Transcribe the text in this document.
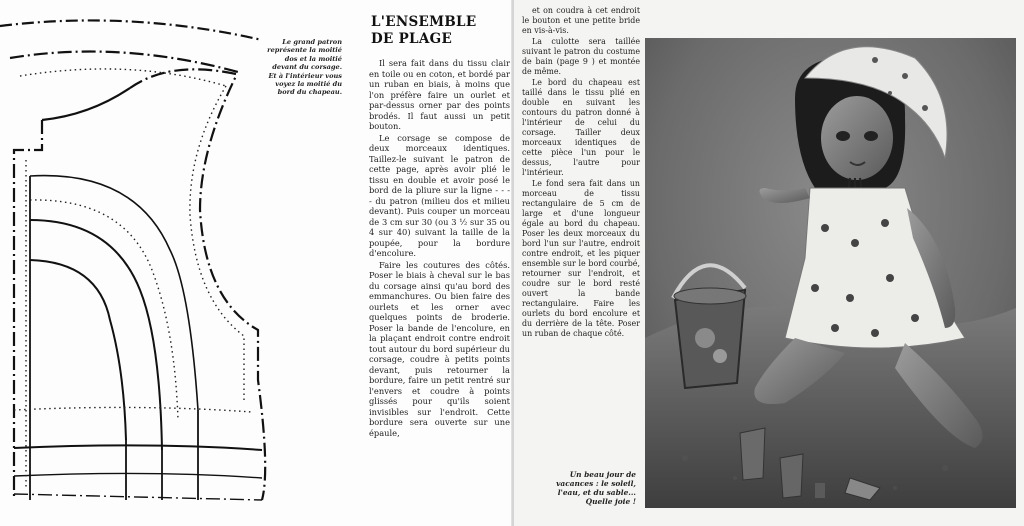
Le grand patron représente la moitié dos et la moitié devant du corsage. Et à l'intérieur vous voyez la moitié du bord du chapeau.

L'ENSEMBLE
DE PLAGE

Il sera fait dans du tissu clair en toile ou en coton, et bordé par un ruban en biais, à moins que l'on préfère faire un ourlet et par-dessus orner par des points brodés. Il faut aussi un petit bouton.

Le corsage se compose de deux morceaux identiques. Taillez-le suivant le patron de cette page, après avoir plié le tissu en double et avoir posé le bord de la pliure sur la ligne - - - - du patron (milieu dos et milieu devant). Puis couper un morceau de 3 cm sur 30 (ou 3 ½ sur 35 ou 4 sur 40) suivant la taille de la poupée, pour la bordure d'encolure.

Faire les coutures des côtés. Poser le biais à cheval sur le bas du corsage ainsi qu'au bord des emmanchures. Ou bien faire des ourlets et les orner avec quelques points de broderie. Poser la bande de l'encolure, en la plaçant endroit contre endroit tout autour du bord supérieur du corsage, coudre à petits points devant, puis retourner la bordure, faire un petit rentré sur l'envers et coudre à points glissés pour qu'ils soient invisibles sur l'endroit. Cette bordure sera ouverte sur une épaule,

et on coudra à cet endroit le bouton et une petite bride en vis-à-vis.

La culotte sera taillée suivant le patron du costume de bain (page 9 ) et montée de même.

Le bord du chapeau est taillé dans le tissu plié en double en suivant les contours du patron donné à l'intérieur de celui du corsage. Tailler deux morceaux identiques de cette pièce l'un pour le dessus, l'autre pour l'intérieur.

Le fond sera fait dans un morceau de tissu rectangulaire de 5 cm de large et d'une longueur égale au bord du chapeau. Poser les deux morceaux du bord l'un sur l'autre, endroit contre endroit, et les piquer ensemble sur le bord courbé, retourner sur l'endroit, et coudre sur le bord resté ouvert la bande rectangulaire. Faire les ourlets du bord encolure et du derrière de la tête. Poser un ruban de chaque côté.

Un beau jour de vacances : le soleil, l'eau, et du sable... Quelle joie !
